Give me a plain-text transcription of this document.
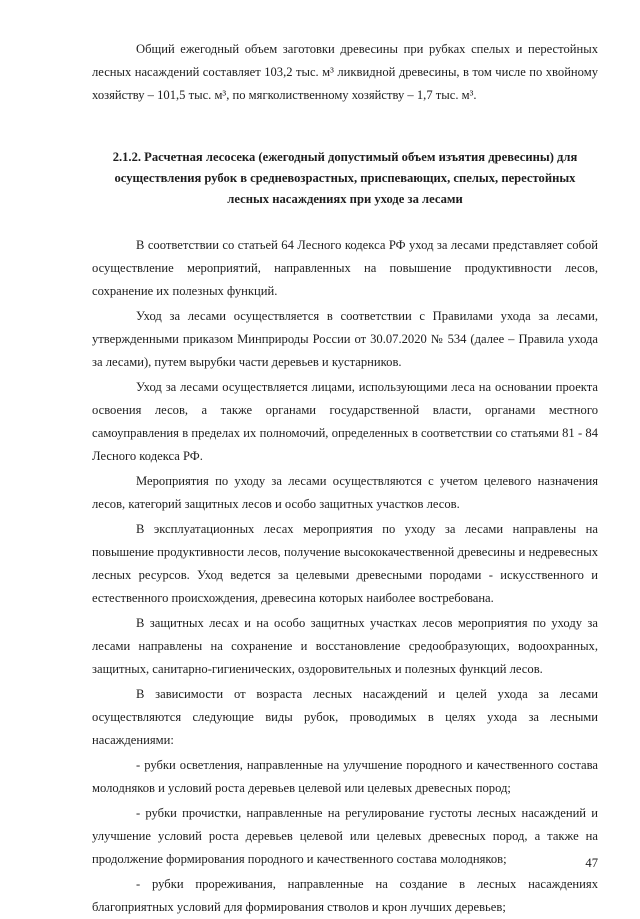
Общий ежегодный объем заготовки древесины при рубках спелых и перестойных лесных насаждений составляет 103,2 тыс. м³ ликвидной древесины, в том числе по хвойному хозяйству – 101,5 тыс. м³, по мягколиственному хозяйству – 1,7 тыс. м³.

2.1.2. Расчетная лесосека (ежегодный допустимый объем изъятия древесины) для осуществления рубок в средневозрастных, приспевающих, спелых, перестойных лесных насаждениях при уходе за лесами

В соответствии со статьей 64 Лесного кодекса РФ уход за лесами представляет собой осуществление мероприятий, направленных на повышение продуктивности лесов, сохранение их полезных функций.

Уход за лесами осуществляется в соответствии с Правилами ухода за лесами, утвержденными приказом Минприроды России от 30.07.2020 № 534 (далее – Правила ухода за лесами), путем вырубки части деревьев и кустарников.

Уход за лесами осуществляется лицами, использующими леса на основании проекта освоения лесов, а также органами государственной власти, органами местного самоуправления в пределах их полномочий, определенных в соответствии со статьями 81 - 84 Лесного кодекса РФ.

Мероприятия по уходу за лесами осуществляются с учетом целевого назначения лесов, категорий защитных лесов и особо защитных участков лесов.

В эксплуатационных лесах мероприятия по уходу за лесами направлены на повышение продуктивности лесов, получение высококачественной древесины и недревесных лесных ресурсов. Уход ведется за целевыми древесными породами - искусственного и естественного происхождения, древесина которых наиболее востребована.

В защитных лесах и на особо защитных участках лесов мероприятия по уходу за лесами направлены на сохранение и восстановление средообразующих, водоохранных, защитных, санитарно-гигиенических, оздоровительных и полезных функций лесов.

В зависимости от возраста лесных насаждений и целей ухода за лесами осуществляются следующие виды рубок, проводимых в целях ухода за лесными насаждениями:

- рубки осветления, направленные на улучшение породного и качественного состава молодняков и условий роста деревьев целевой или целевых древесных пород;

- рубки прочистки, направленные на регулирование густоты лесных насаждений и улучшение условий роста деревьев целевой или целевых древесных пород, а также на продолжение формирования породного и качественного состава молодняков;

- рубки прореживания, направленные на создание в лесных насаждениях благоприятных условий для формирования стволов и крон лучших деревьев;

47
